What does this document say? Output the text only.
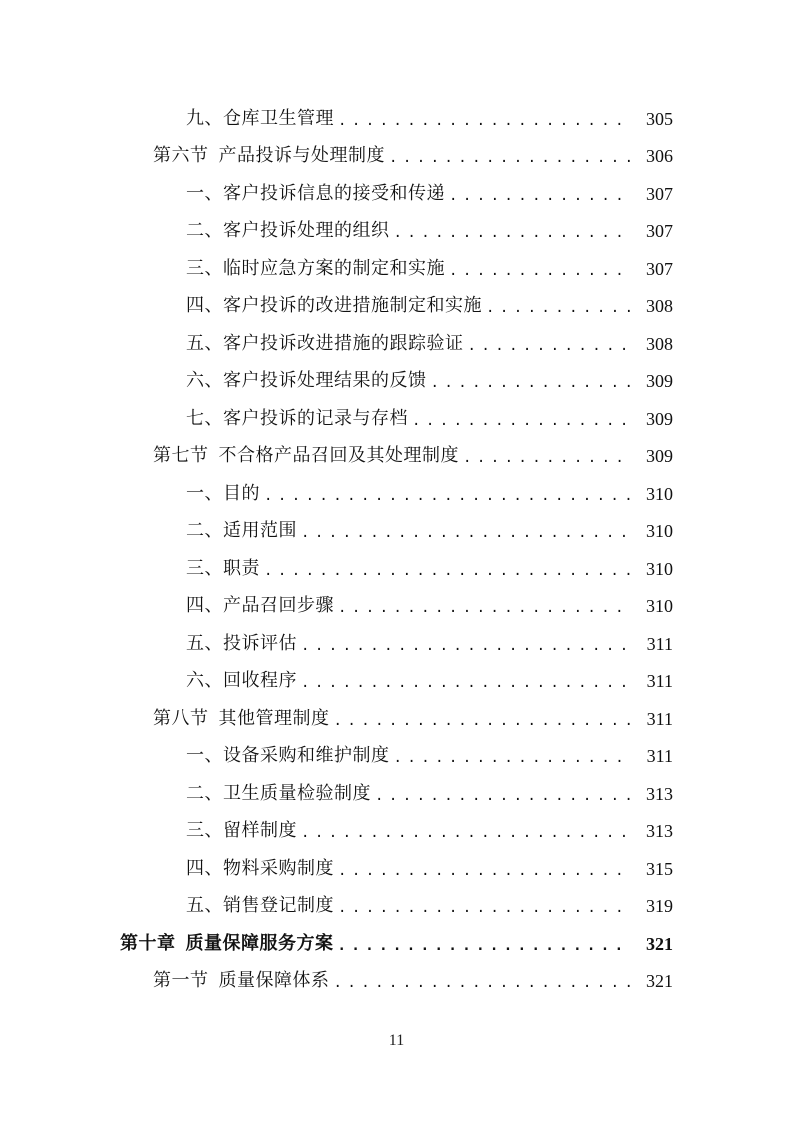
九、仓库卫生管理 . . .	305
第六节 产品投诉与处理制度 . . .	306
一、客户投诉信息的接受和传递 . . .	307
二、客户投诉处理的组织 . . .	307
三、临时应急方案的制定和实施 . . .	307
四、客户投诉的改进措施制定和实施 . . .	308
五、客户投诉改进措施的跟踪验证 . . .	308
六、客户投诉处理结果的反馈 . . .	309
七、客户投诉的记录与存档 . . .	309
第七节 不合格产品召回及其处理制度 . . .	309
一、目的 . . .	310
二、适用范围 . . .	310
三、职责 . . .	310
四、产品召回步骤 . . .	310
五、投诉评估 . . .	311
六、回收程序 . . .	311
第八节 其他管理制度 . . .	311
一、设备采购和维护制度 . . .	311
二、卫生质量检验制度 . . .	313
三、留样制度 . . .	313
四、物料采购制度 . . .	315
五、销售登记制度 . . .	319
第十章 质量保障服务方案 . . .	321
第一节 质量保障体系 . . .	321
11
